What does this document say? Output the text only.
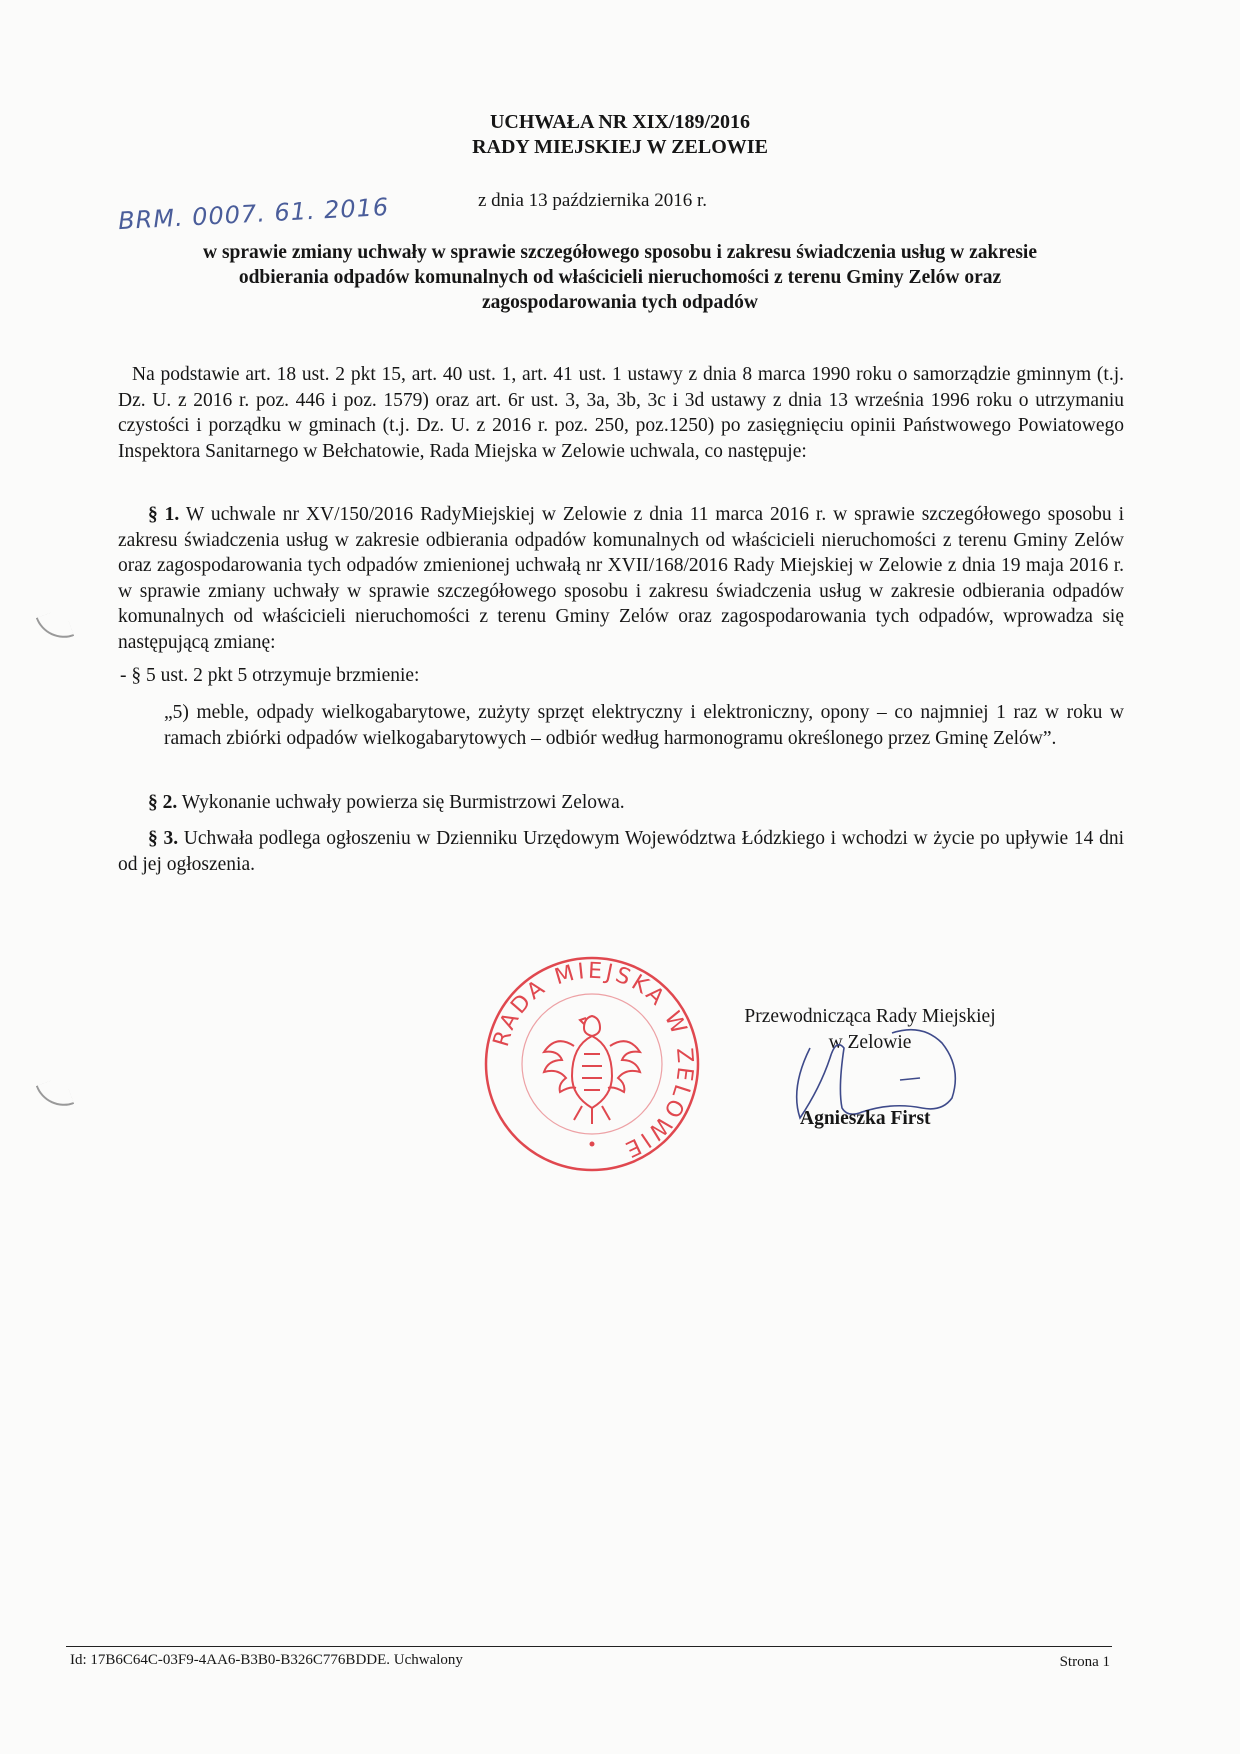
UCHWAŁA NR XIX/189/2016
RADY MIEJSKIEJ W ZELOWIE
z dnia 13 października 2016 r.
BRM. 0007. 61. 2016
w sprawie zmiany uchwały w sprawie szczegółowego sposobu i zakresu świadczenia usług w zakresie
odbierania odpadów komunalnych od właścicieli nieruchomości z terenu Gminy Zelów oraz
zagospodarowania tych odpadów
Na podstawie art. 18 ust. 2 pkt 15, art. 40 ust. 1, art. 41 ust. 1 ustawy z dnia 8 marca 1990 roku o samorządzie gminnym (t.j. Dz. U. z 2016 r. poz. 446 i poz. 1579) oraz art. 6r ust. 3, 3a, 3b, 3c i 3d ustawy z dnia 13 września 1996 roku o utrzymaniu czystości i porządku w gminach (t.j. Dz. U. z 2016 r. poz. 250, poz.1250) po zasięgnięciu opinii Państwowego Powiatowego Inspektora Sanitarnego w Bełchatowie, Rada Miejska w Zelowie uchwala, co następuje:
§ 1. W uchwale nr XV/150/2016 RadyMiejskiej w Zelowie z dnia 11 marca 2016 r. w sprawie szczegółowego sposobu i zakresu świadczenia usług w zakresie odbierania odpadów komunalnych od właścicieli nieruchomości z terenu Gminy Zelów oraz zagospodarowania tych odpadów zmienionej uchwałą nr XVII/168/2016 Rady Miejskiej w Zelowie z dnia 19 maja 2016 r. w sprawie zmiany uchwały w sprawie szczegółowego sposobu i zakresu świadczenia usług w zakresie odbierania odpadów komunalnych od właścicieli nieruchomości z terenu Gminy Zelów oraz zagospodarowania tych odpadów, wprowadza się następującą zmianę:
- § 5 ust. 2 pkt 5 otrzymuje brzmienie:
„5) meble, odpady wielkogabarytowe, zużyty sprzęt elektryczny i elektroniczny, opony – co najmniej 1 raz w roku w ramach zbiórki odpadów wielkogabarytowych – odbiór według harmonogramu określonego przez Gminę Zelów”.
§ 2. Wykonanie uchwały powierza się Burmistrzowi Zelowa.
§ 3. Uchwała podlega ogłoszeniu w Dzienniku Urzędowym Województwa Łódzkiego i wchodzi w życie po upływie 14 dni od jej ogłoszenia.
RADA MIEJSKA W ZELOWIE
Przewodnicząca Rady Miejskiej
w Zelowie
Agnieszka First
Id: 17B6C64C-03F9-4AA6-B3B0-B326C776BDDE. Uchwalony	Strona 1
